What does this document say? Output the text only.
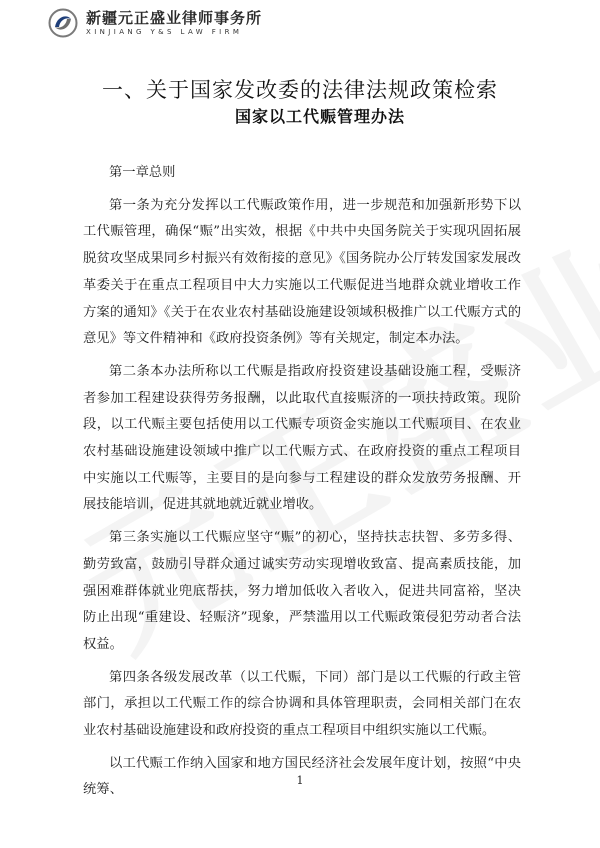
新疆元正盛业律师事务所
XINJIANG Y&S LAW FIRM
一、关于国家发改委的法律法规政策检索
国家以工代赈管理办法

第一章总则

第一条为充分发挥以工代赈政策作用，进一步规范和加强新形势下以工代赈管理，确保“赈”出实效，根据《中共中央国务院关于实现巩固拓展脱贫攻坚成果同乡村振兴有效衔接的意见》《国务院办公厅转发国家发展改革委关于在重点工程项目中大力实施以工代赈促进当地群众就业增收工作方案的通知》《关于在农业农村基础设施建设领域积极推广以工代赈方式的意见》等文件精神和《政府投资条例》等有关规定，制定本办法。

第二条本办法所称以工代赈是指政府投资建设基础设施工程，受赈济者参加工程建设获得劳务报酬，以此取代直接赈济的一项扶持政策。现阶段，以工代赈主要包括使用以工代赈专项资金实施以工代赈项目、在农业农村基础设施建设领域中推广以工代赈方式、在政府投资的重点工程项目中实施以工代赈等，主要目的是向参与工程建设的群众发放劳务报酬、开展技能培训，促进其就地就近就业增收。

第三条实施以工代赈应坚守“赈”的初心，坚持扶志扶智、多劳多得、勤劳致富，鼓励引导群众通过诚实劳动实现增收致富、提高素质技能，加强困难群体就业兜底帮扶，努力增加低收入者收入，促进共同富裕，坚决防止出现“重建设、轻赈济”现象，严禁滥用以工代赈政策侵犯劳动者合法权益。

第四条各级发展改革（以工代赈，下同）部门是以工代赈的行政主管部门，承担以工代赈工作的综合协调和具体管理职责，会同相关部门在农业农村基础设施建设和政府投资的重点工程项目中组织实施以工代赈。

以工代赈工作纳入国家和地方国民经济社会发展年度计划，按照“中央统筹、

1
